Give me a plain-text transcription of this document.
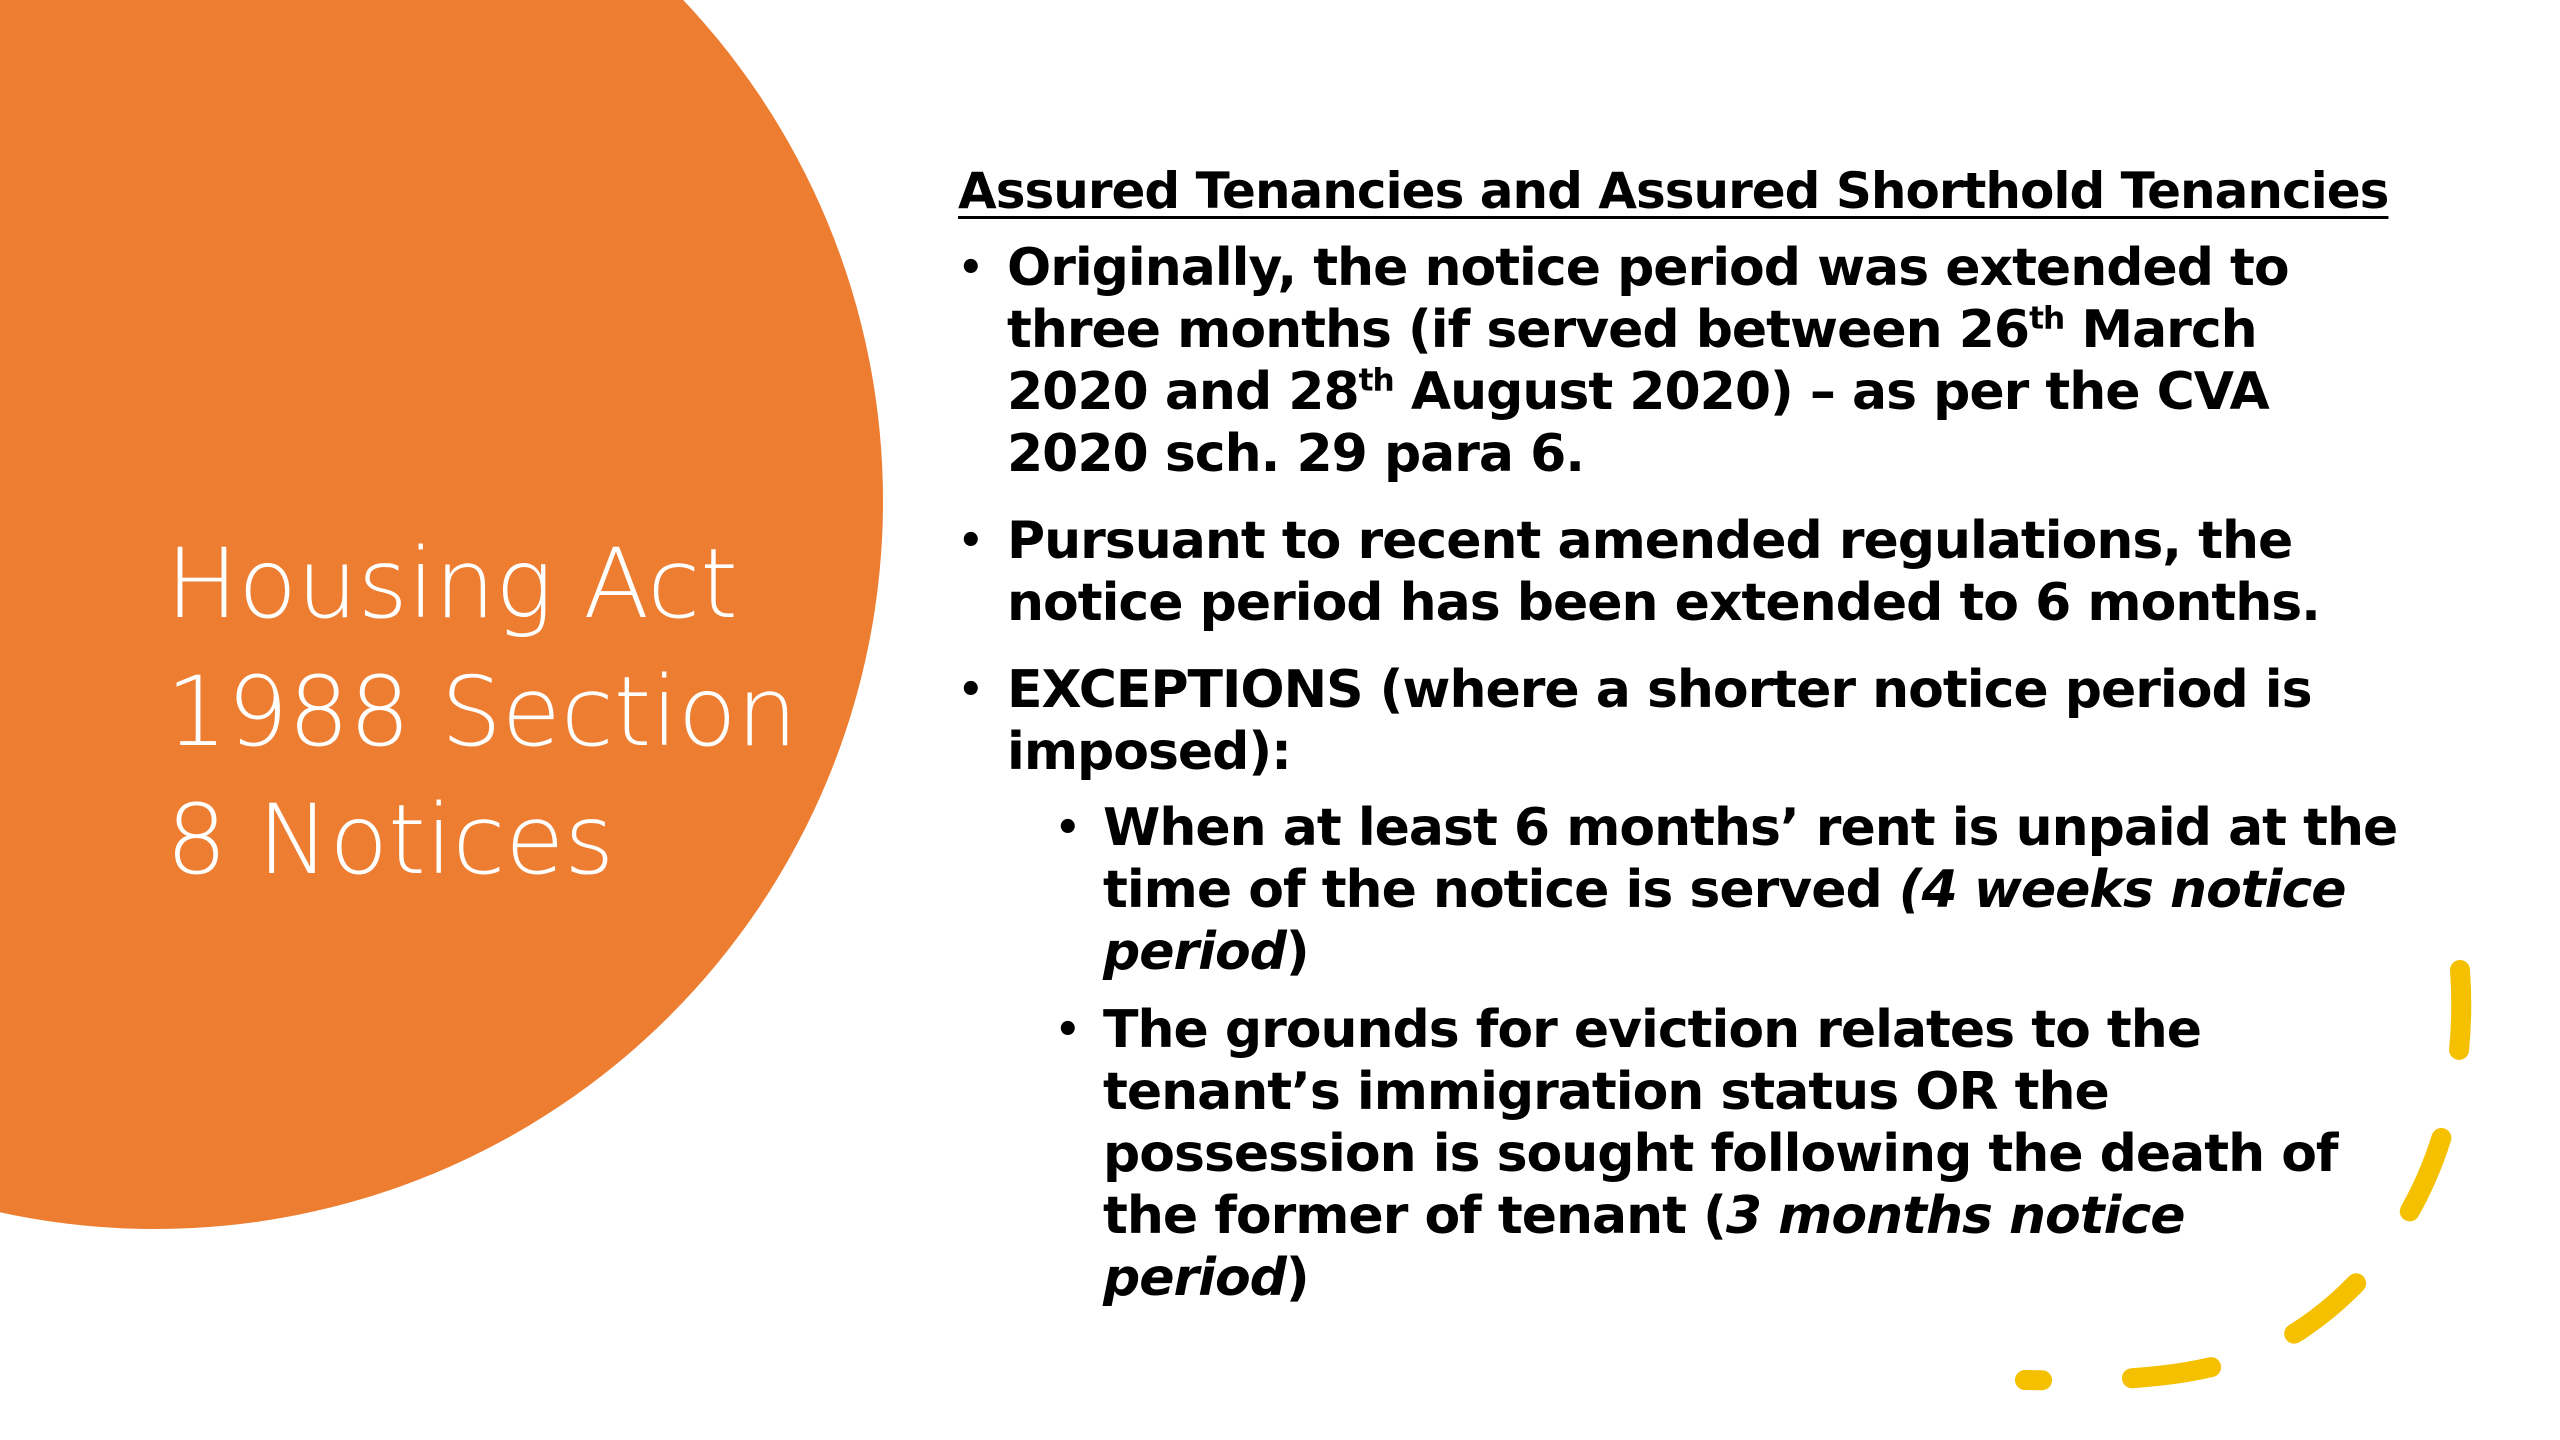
Housing Act
1988 Section
8 Notices
Assured Tenancies and Assured Shorthold Tenancies
• Originally, the notice period was extended to three months (if served between 26th March 2020 and 28th August 2020) – as per the CVA 2020 sch. 29 para 6.
• Pursuant to recent amended regulations, the notice period has been extended to 6 months.
• EXCEPTIONS (where a shorter notice period is imposed):
• When at least 6 months’ rent is unpaid at the time of the notice is served (4 weeks notice period)
• The grounds for eviction relates to the tenant’s immigration status OR the possession is sought following the death of the former of tenant (3 months notice period)
